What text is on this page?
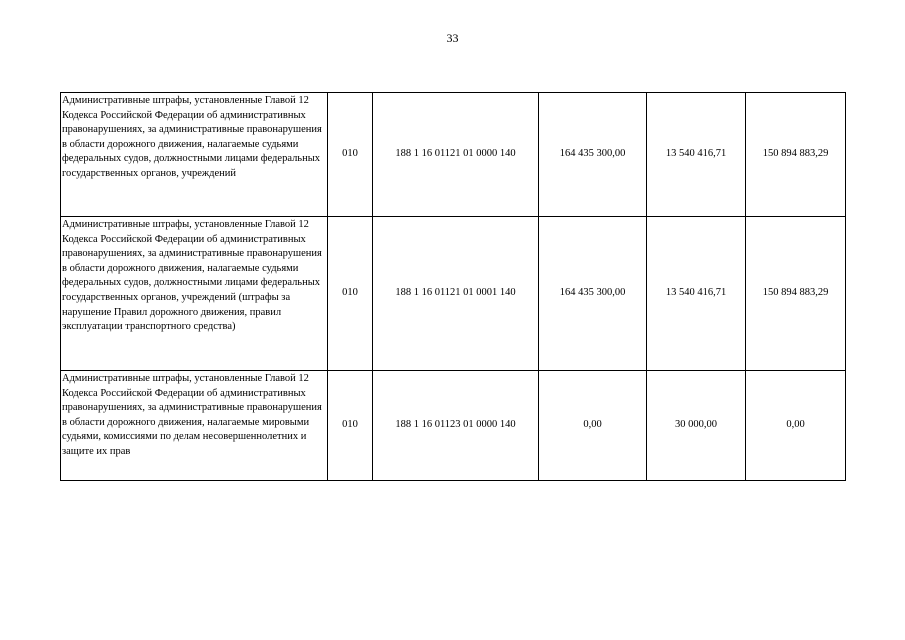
33
Административные штрафы, установленные Главой 12 Кодекса Российской Федерации об административных правонарушениях, за административные правонарушения в области дорожного движения, налагаемые судьями федеральных судов, должностными лицами федеральных государственных органов, учреждений	010	188 1 16 01121 01 0000 140	164 435 300,00	13 540 416,71	150 894 883,29
Административные штрафы, установленные Главой 12 Кодекса Российской Федерации об административных правонарушениях, за административные правонарушения в области дорожного движения, налагаемые судьями федеральных судов, должностными лицами федеральных государственных органов, учреждений (штрафы за нарушение Правил дорожного движения, правил эксплуатации транспортного средства)	010	188 1 16 01121 01 0001 140	164 435 300,00	13 540 416,71	150 894 883,29
Административные штрафы, установленные Главой 12 Кодекса Российской Федерации об административных правонарушениях, за административные правонарушения в области дорожного движения, налагаемые мировыми судьями, комиссиями по делам несовершеннолетних и защите их прав	010	188 1 16 01123 01 0000 140	0,00	30 000,00	0,00
